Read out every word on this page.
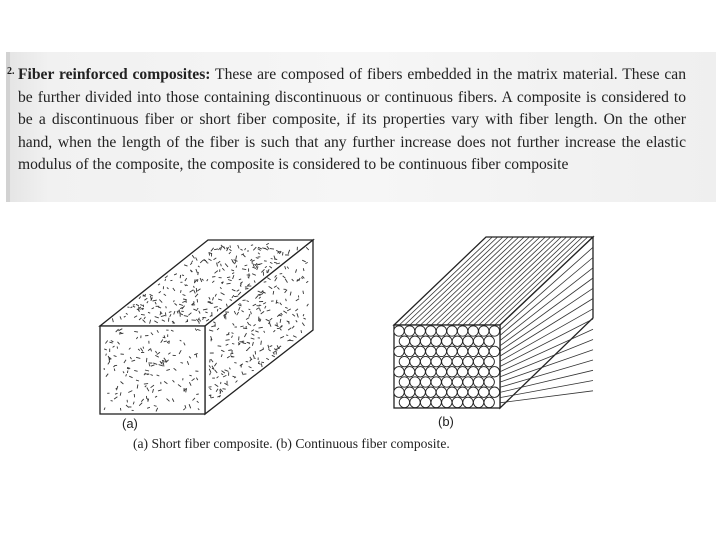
2. Fiber reinforced composites: These are composed of fibers embedded in the matrix material. These can be further divided into those containing discontinuous or continuous fibers. A composite is considered to be a discontinuous fiber or short fiber composite, if its properties vary with fiber length. On the other hand, when the length of the fiber is such that any further increase does not further increase the elastic modulus of the composite, the composite is considered to be continuous fiber composite

(a)	(b)
(a) Short fiber composite. (b) Continuous fiber composite.
